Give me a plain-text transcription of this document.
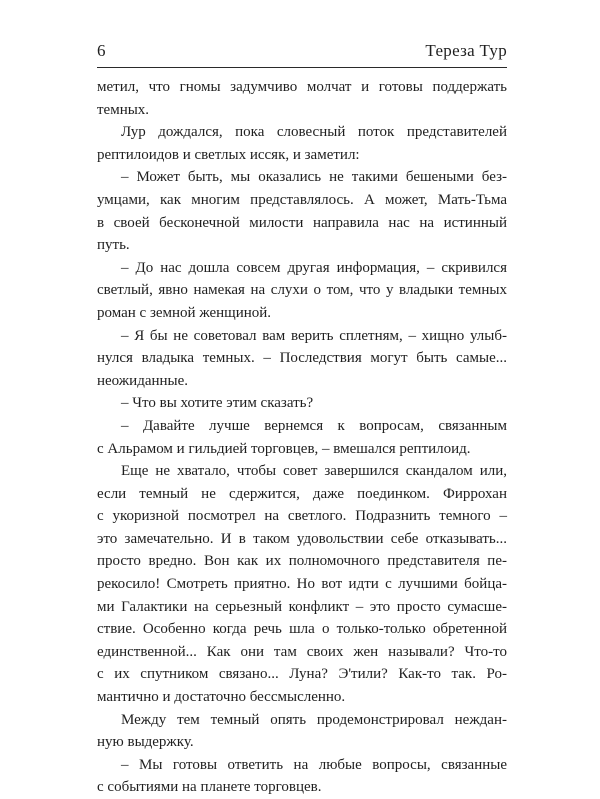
6	Тереза Тур
метил, что гномы задумчиво молчат и готовы поддержать
темных.
Лур дождался, пока словесный поток представителей
рептилоидов и светлых иссяк, и заметил:
– Может быть, мы оказались не такими бешеными без-
умцами, как многим представлялось. А может, Мать-Тьма
в своей бесконечной милости направила нас на истинный
путь.
– До нас дошла совсем другая информация, – скривился
светлый, явно намекая на слухи о том, что у владыки темных
роман с земной женщиной.
– Я бы не советовал вам верить сплетням, – хищно улыб-
нулся владыка темных. – Последствия могут быть самые...
неожиданные.
– Что вы хотите этим сказать?
– Давайте лучше вернемся к вопросам, связанным
с Альрамом и гильдией торговцев, – вмешался рептилоид.
Еще не хватало, чтобы совет завершился скандалом или,
если темный не сдержится, даже поединком. Фиррохан
с укоризной посмотрел на светлого. Подразнить темного –
это замечательно. И в таком удовольствии себе отказывать...
просто вредно. Вон как их полномочного представителя пе-
рекосило! Смотреть приятно. Но вот идти с лучшими бойца-
ми Галактики на серьезный конфликт – это просто сумасше-
ствие. Особенно когда речь шла о только-только обретенной
единственной... Как они там своих жен называли? Что-то
с их спутником связано... Луна? Э'тили? Как-то так. Ро-
мантично и достаточно бессмысленно.
Между тем темный опять продемонстрировал неждан-
ную выдержку.
– Мы готовы ответить на любые вопросы, связанные
с событиями на планете торговцев.
